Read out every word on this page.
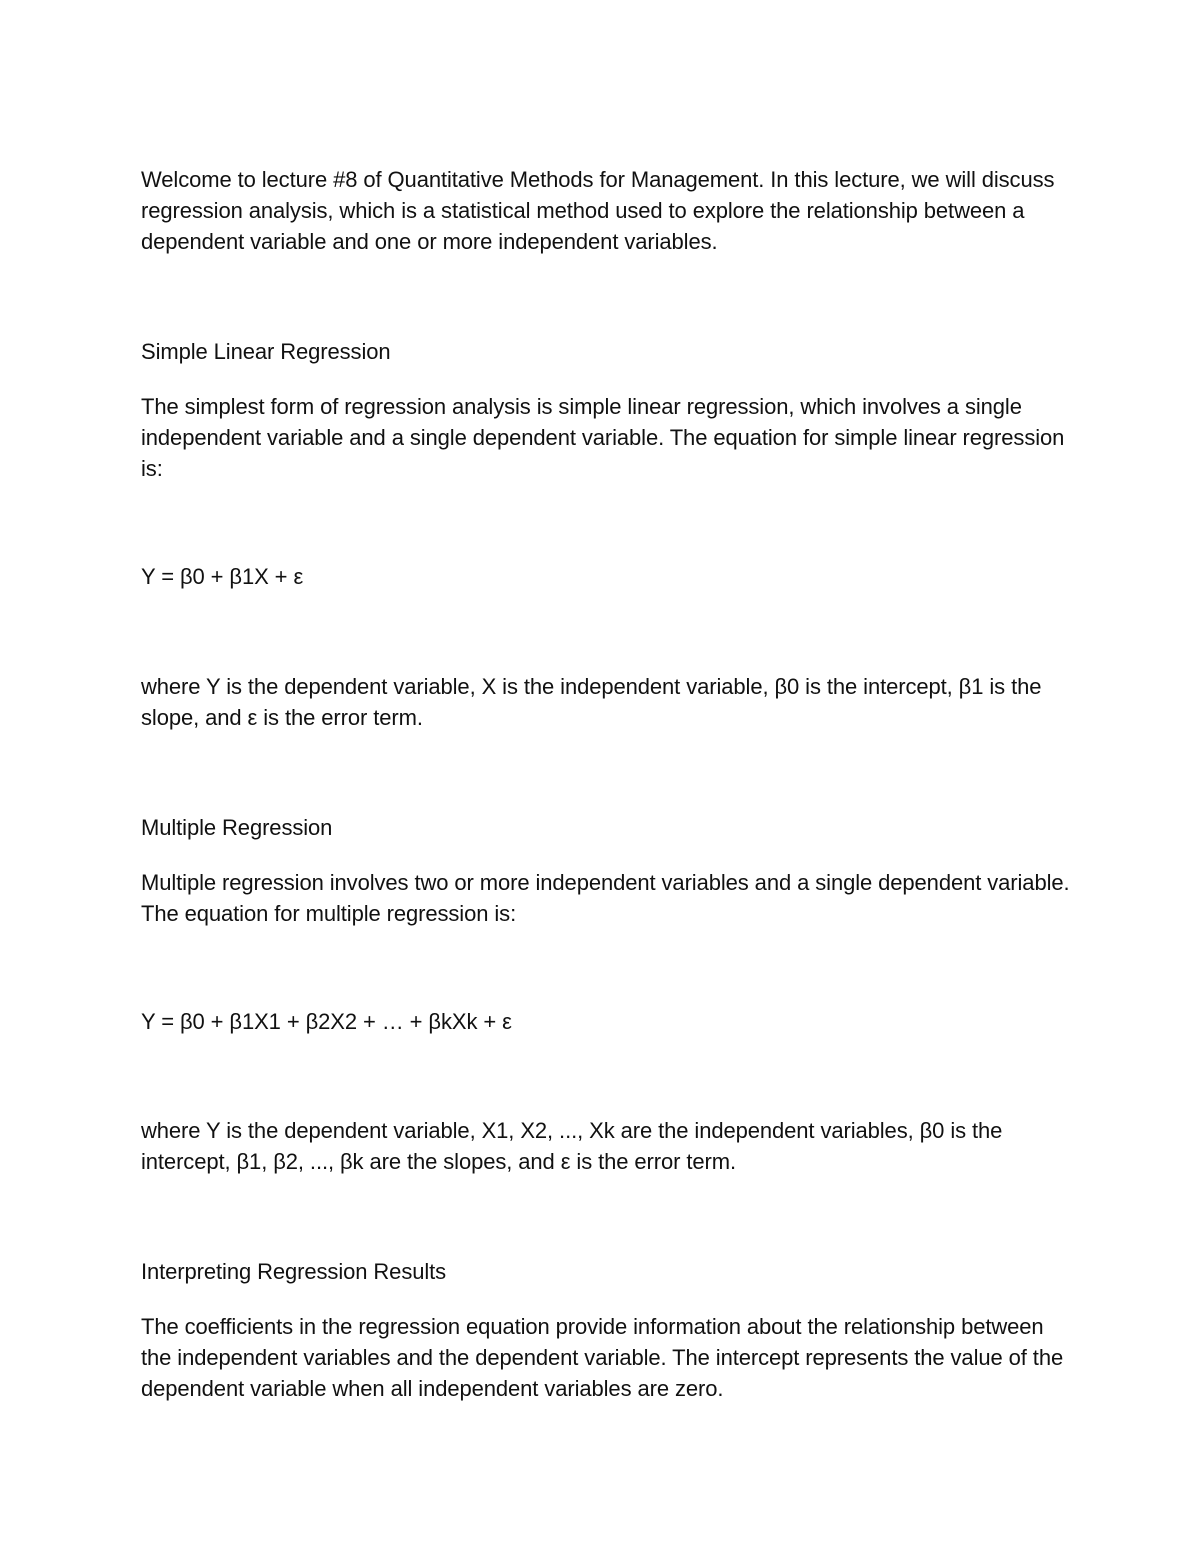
Welcome to lecture #8 of Quantitative Methods for Management. In this lecture, we will discuss regression analysis, which is a statistical method used to explore the relationship between a dependent variable and one or more independent variables.

Simple Linear Regression

The simplest form of regression analysis is simple linear regression, which involves a single independent variable and a single dependent variable. The equation for simple linear regression is:

Y = β0 + β1X + ε

where Y is the dependent variable, X is the independent variable, β0 is the intercept, β1 is the slope, and ε is the error term.

Multiple Regression

Multiple regression involves two or more independent variables and a single dependent variable. The equation for multiple regression is:

Y = β0 + β1X1 + β2X2 + … + βkXk + ε

where Y is the dependent variable, X1, X2, ..., Xk are the independent variables, β0 is the intercept, β1, β2, ..., βk are the slopes, and ε is the error term.

Interpreting Regression Results

The coefficients in the regression equation provide information about the relationship between the independent variables and the dependent variable. The intercept represents the value of the dependent variable when all independent variables are zero.
